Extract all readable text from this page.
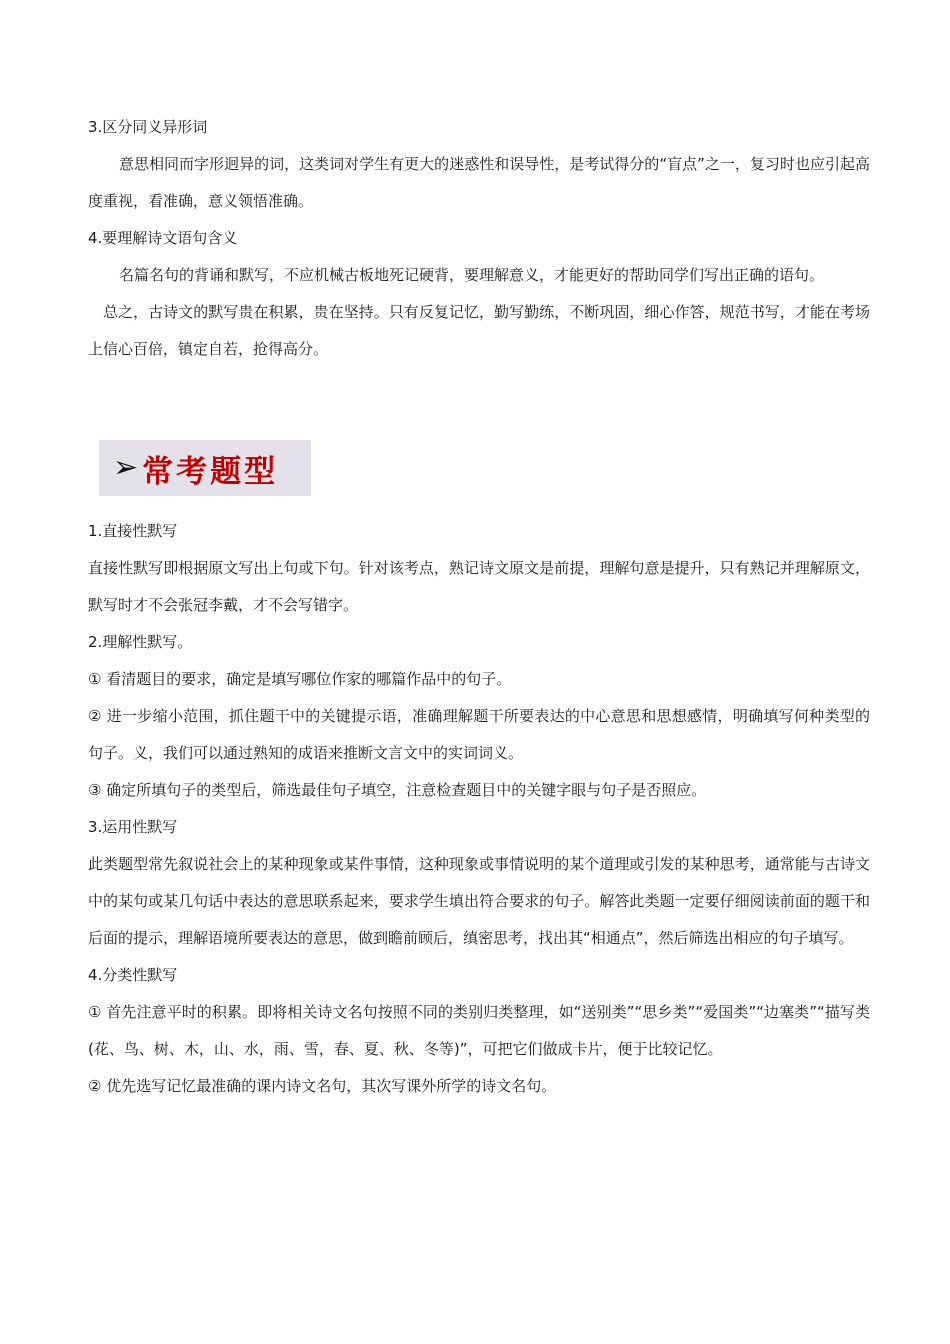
3.区分同义异形词

意思相同而字形迥异的词，这类词对学生有更大的迷惑性和误导性，是考试得分的“盲点”之一，复习时也应引起高度重视，看准确，意义领悟准确。

4.要理解诗文语句含义

名篇名句的背诵和默写，不应机械古板地死记硬背，要理解意义，才能更好的帮助同学们写出正确的语句。

总之，古诗文的默写贵在积累，贵在坚持。只有反复记忆，勤写勤练，不断巩固，细心作答，规范书写，才能在考场上信心百倍，镇定自若，抢得高分。

➢ 常考题型

1.直接性默写

直接性默写即根据原文写出上句或下句。针对该考点，熟记诗文原文是前提，理解句意是提升，只有熟记并理解原文，默写时才不会张冠李戴，才不会写错字。

2.理解性默写。

① 看清题目的要求，确定是填写哪位作家的哪篇作品中的句子。

② 进一步缩小范围，抓住题干中的关键提示语，准确理解题干所要表达的中心意思和思想感情，明确填写何种类型的句子。义，我们可以通过熟知的成语来推断文言文中的实词词义。

③ 确定所填句子的类型后，筛选最佳句子填空，注意检查题目中的关键字眼与句子是否照应。

3.运用性默写

此类题型常先叙说社会上的某种现象或某件事情，这种现象或事情说明的某个道理或引发的某种思考，通常能与古诗文中的某句或某几句话中表达的意思联系起来，要求学生填出符合要求的句子。解答此类题一定要仔细阅读前面的题干和后面的提示，理解语境所要表达的意思，做到瞻前顾后，缜密思考，找出其“相通点”，然后筛选出相应的句子填写。

4.分类性默写

① 首先注意平时的积累。即将相关诗文名句按照不同的类别归类整理，如“送别类”“思乡类”“爱国类”“边塞类”“描写类(花、鸟、树、木，山、水，雨、雪，春、夏、秋、冬等)”，可把它们做成卡片，便于比较记忆。

② 优先选写记忆最准确的课内诗文名句，其次写课外所学的诗文名句。
